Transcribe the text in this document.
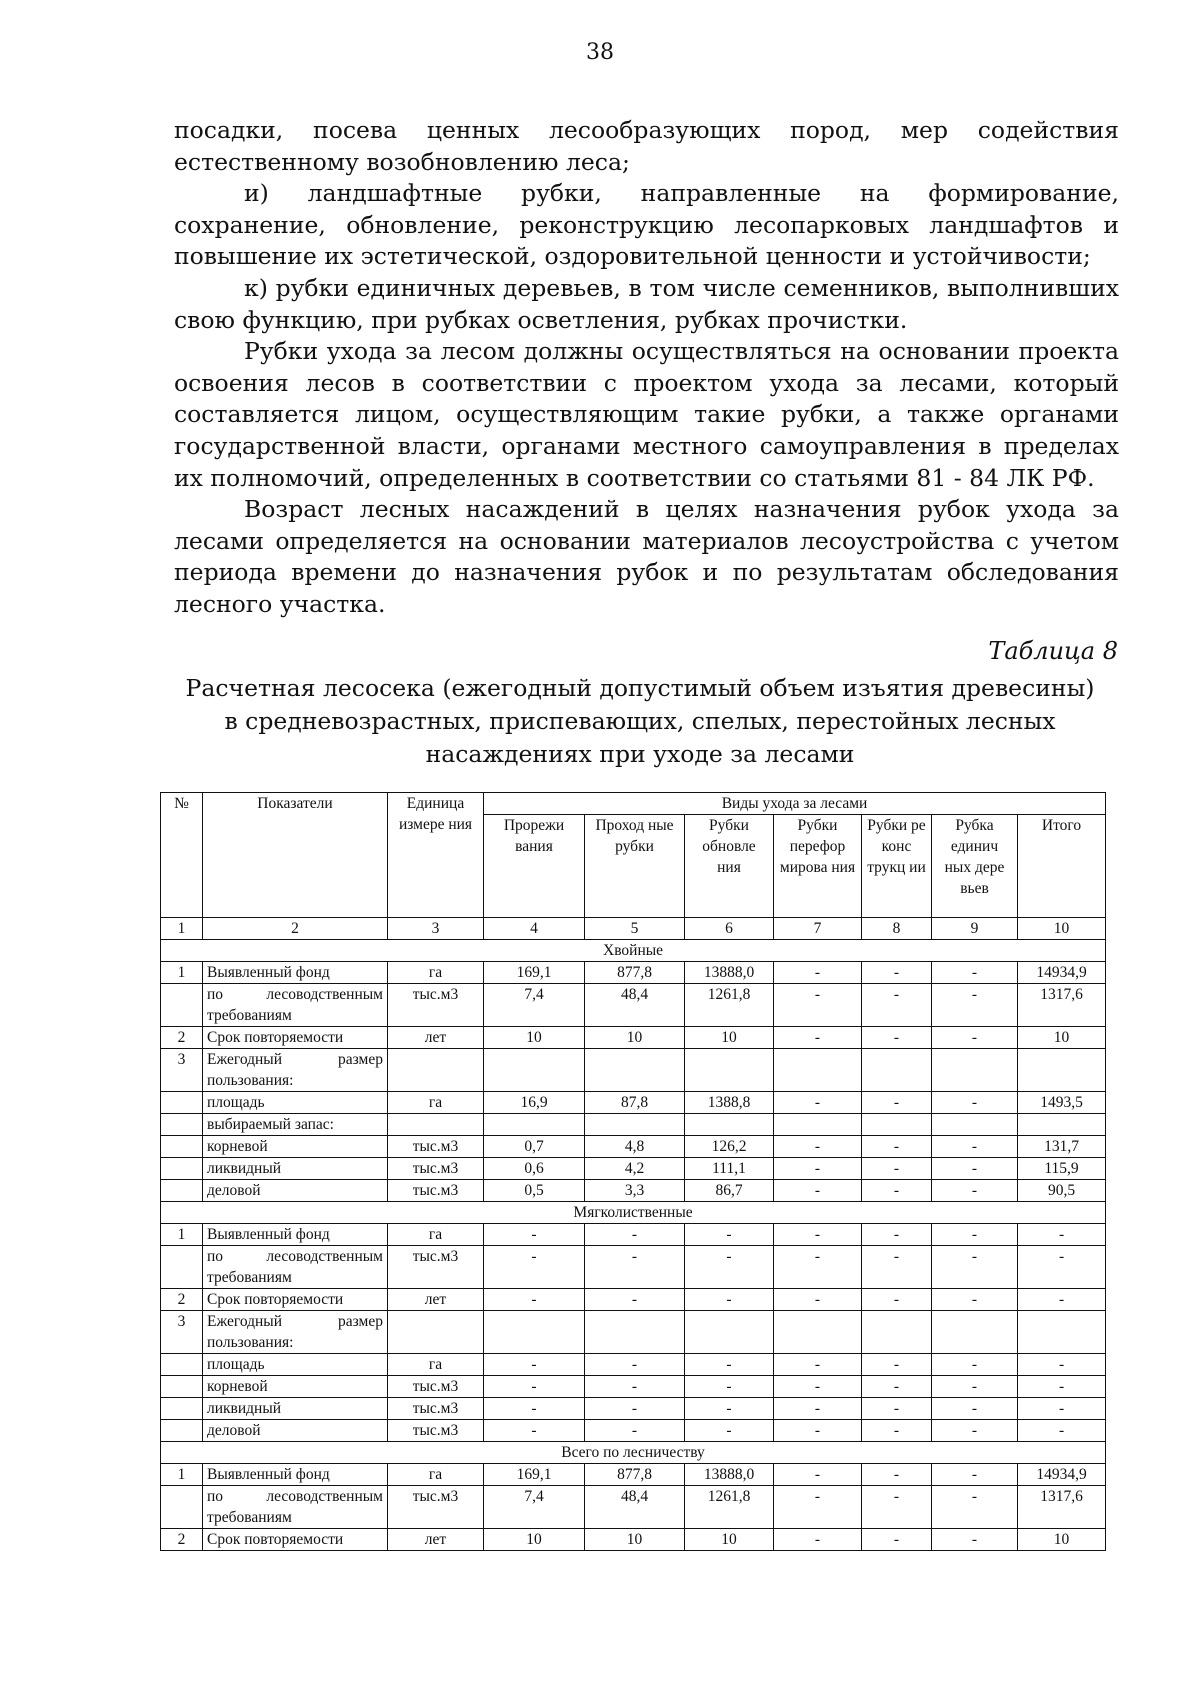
38

посадки, посева ценных лесообразующих пород, мер содействия естественному возобновлению леса;

и) ландшафтные рубки, направленные на формирование, сохранение, обновление, реконструкцию лесопарковых ландшафтов и повышение их эстетической, оздоровительной ценности и устойчивости;

к) рубки единичных деревьев, в том числе семенников, выполнивших свою функцию, при рубках осветления, рубках прочистки.

Рубки ухода за лесом должны осуществляться на основании проекта освоения лесов в соответствии с проектом ухода за лесами, который составляется лицом, осуществляющим такие рубки, а также органами государственной власти, органами местного самоуправления в пределах их полномочий, определенных в соответствии со статьями 81 - 84 ЛК РФ.

Возраст лесных насаждений в целях назначения рубок ухода за лесами определяется на основании материалов лесоустройства с учетом периода времени до назначения рубок и по результатам обследования лесного участка.

Таблица 8
Расчетная лесосека (ежегодный допустимый объем изъятия древесины)
в средневозрастных, приспевающих, спелых, перестойных лесных
насаждениях при уходе за лесами
№	Показатели	Единица измере ния	Виды ухода за лесами						
			Прорежи вания	Проход ные рубки	Рубки обновле ния	Рубки перефор мирова ния	Рубки ре конс трукц ии	Рубка единич ных дере вьев	Итого
1	2	3	4	5	6	7	8	9	10
Хвойные									
1	Выявленный фонд	га	169,1	877,8	13888,0	-	-	-	14934,9
	по лесоводственным требованиям	тыс.м3	7,4	48,4	1261,8	-	-	-	1317,6
2	Срок повторяемости	лет	10	10	10	-	-	-	10
3	Ежегодный размер пользования:								
	площадь	га	16,9	87,8	1388,8	-	-	-	1493,5
	выбираемый запас:								
	корневой	тыс.м3	0,7	4,8	126,2	-	-	-	131,7
	ликвидный	тыс.м3	0,6	4,2	111,1	-	-	-	115,9
	деловой	тыс.м3	0,5	3,3	86,7	-	-	-	90,5
Мягколиственные									
1	Выявленный фонд	га	-	-	-	-	-	-	-
	по лесоводственным требованиям	тыс.м3	-	-	-	-	-	-	-
2	Срок повторяемости	лет	-	-	-	-	-	-	-
3	Ежегодный размер пользования:								
	площадь	га	-	-	-	-	-	-	-
	корневой	тыс.м3	-	-	-	-	-	-	-
	ликвидный	тыс.м3	-	-	-	-	-	-	-
	деловой	тыс.м3	-	-	-	-	-	-	-
Всего по лесничеству									
1	Выявленный фонд	га	169,1	877,8	13888,0	-	-	-	14934,9
	по лесоводственным требованиям	тыс.м3	7,4	48,4	1261,8	-	-	-	1317,6
2	Срок повторяемости	лет	10	10	10	-	-	-	10
